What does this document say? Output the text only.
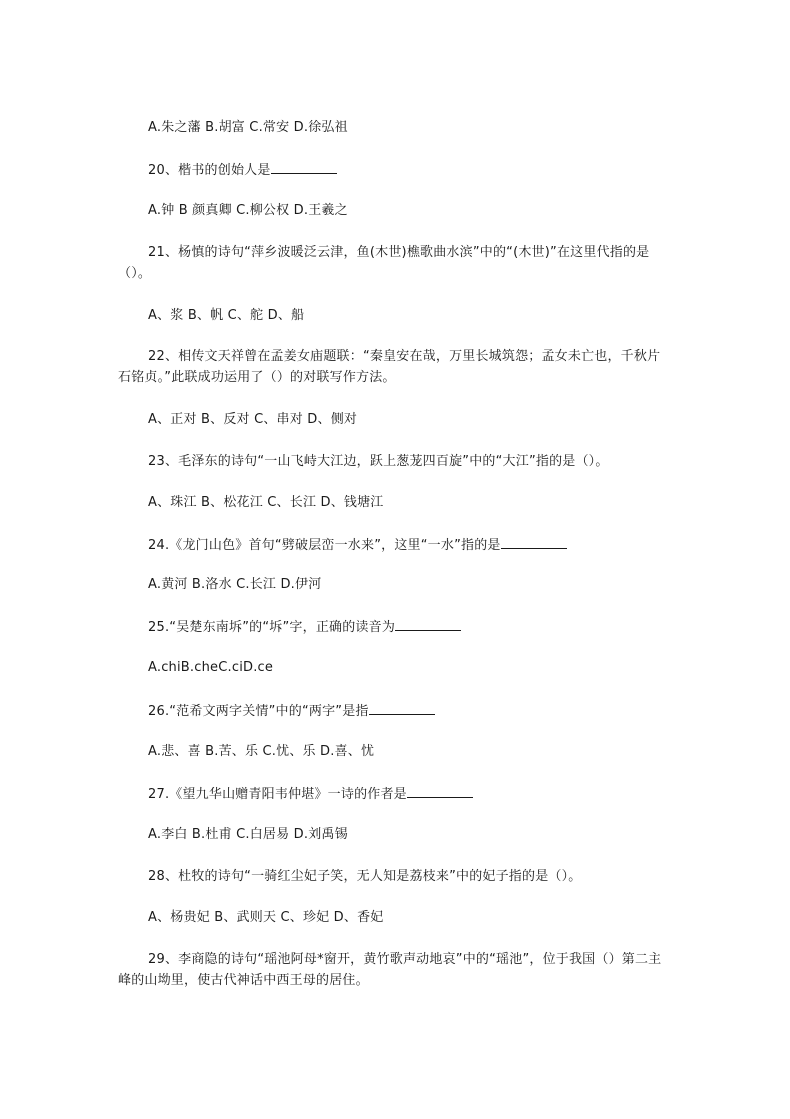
A.朱之藩 B.胡富 C.常安 D.徐弘祖
20、楷书的创始人是
A.钟 B 颜真卿 C.柳公权 D.王羲之
21、杨慎的诗句“萍乡波暖泛云津，鱼(木世)樵歌曲水滨”中的“(木世)”在这里代指的是（）。
A、浆 B、帆 C、舵 D、船
22、相传文天祥曾在孟姜女庙题联：“秦皇安在哉，万里长城筑怨；孟女未亡也，千秋片石铭贞。”此联成功运用了（）的对联写作方法。
A、正对 B、反对 C、串对 D、侧对
23、毛泽东的诗句“一山飞峙大江边，跃上葱茏四百旋”中的“大江”指的是（）。
A、珠江 B、松花江 C、长江 D、钱塘江
24.《龙门山色》首句“劈破层峦一水来”，这里“一水”指的是
A.黄河 B.洛水 C.长江 D.伊河
25.“吴楚东南坼”的“坼”字，正确的读音为
A.chiB.cheC.ciD.ce
26.“范希文两字关情”中的“两字”是指
A.悲、喜 B.苦、乐 C.忧、乐 D.喜、忧
27.《望九华山赠青阳韦仲堪》一诗的作者是
A.李白 B.杜甫 C.白居易 D.刘禹锡
28、杜牧的诗句“一骑红尘妃子笑，无人知是荔枝来”中的妃子指的是（）。
A、杨贵妃 B、武则天 C、珍妃 D、香妃
29、李商隐的诗句“瑶池阿母*窗开，黄竹歌声动地哀”中的“瑶池”，位于我国（）第二主峰的山坳里，使古代神话中西王母的居住。
